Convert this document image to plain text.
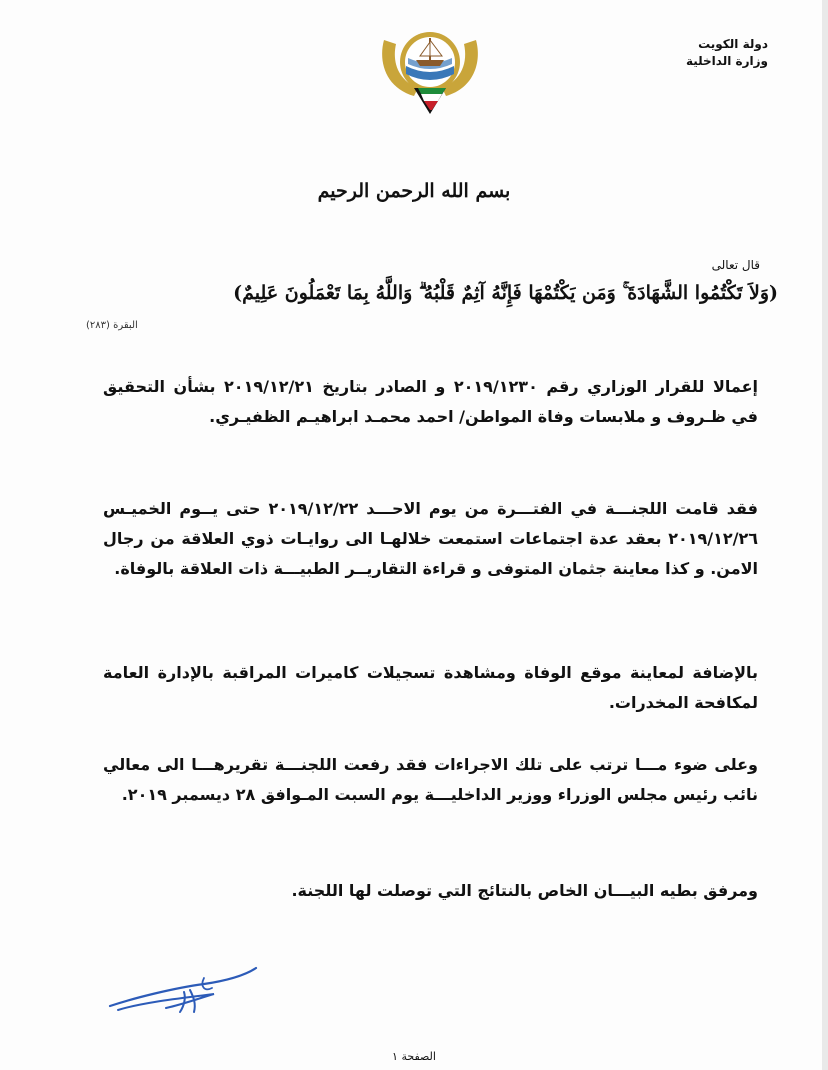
دولة الكويت
وزارة الداخلية
بسم الله الرحمن الرحيم
قال تعالى
(وَلاَ تَكْتُمُوا الشَّهَادَةَ ۚ وَمَن يَكْتُمْهَا فَإِنَّهُ آثِمٌ قَلْبُهُ ۗ وَاللَّهُ بِمَا تَعْمَلُونَ عَلِيمٌ)
البقرة (٢٨٣)
إعمالا للقرار الوزاري رقم ٢٠١٩/١٢٣٠ و الصادر بتاريخ ٢٠١٩/١٢/٢١ بشأن التحقيق في ظـروف و ملابسات وفاة المواطن/ احمد محمـد ابراهيـم الظفيـري.
فقد قامت اللجنـــة في الفتـــرة من يوم الاحـــد ٢٠١٩/١٢/٢٢ حتى يــوم الخميـس ٢٠١٩/١٢/٢٦ بعقد عدة اجتماعات استمعت خلالهـا الى روايـات ذوي العلاقة من رجال الامن. و كذا معاينة جثمان المتوفى و قراءة التقاريــر الطبيـــة ذات العلاقة بالوفاة.
بالإضافة لمعاينة موقع الوفاة ومشاهدة تسجيلات كاميرات المراقبة بالإدارة العامة لمكافحة المخدرات.
وعلى ضوء مـــا ترتب على تلك الاجراءات فقد رفعت اللجنـــة تقريرهـــا الى معالي نائب رئيس مجلس الوزراء ووزير الداخليـــة يوم السبت المـوافق ٢٨ ديسمبر ٢٠١٩.
ومرفق بطيه البيـــان الخاص بالنتائج التي توصلت لها اللجنة.
الصفحة ١
